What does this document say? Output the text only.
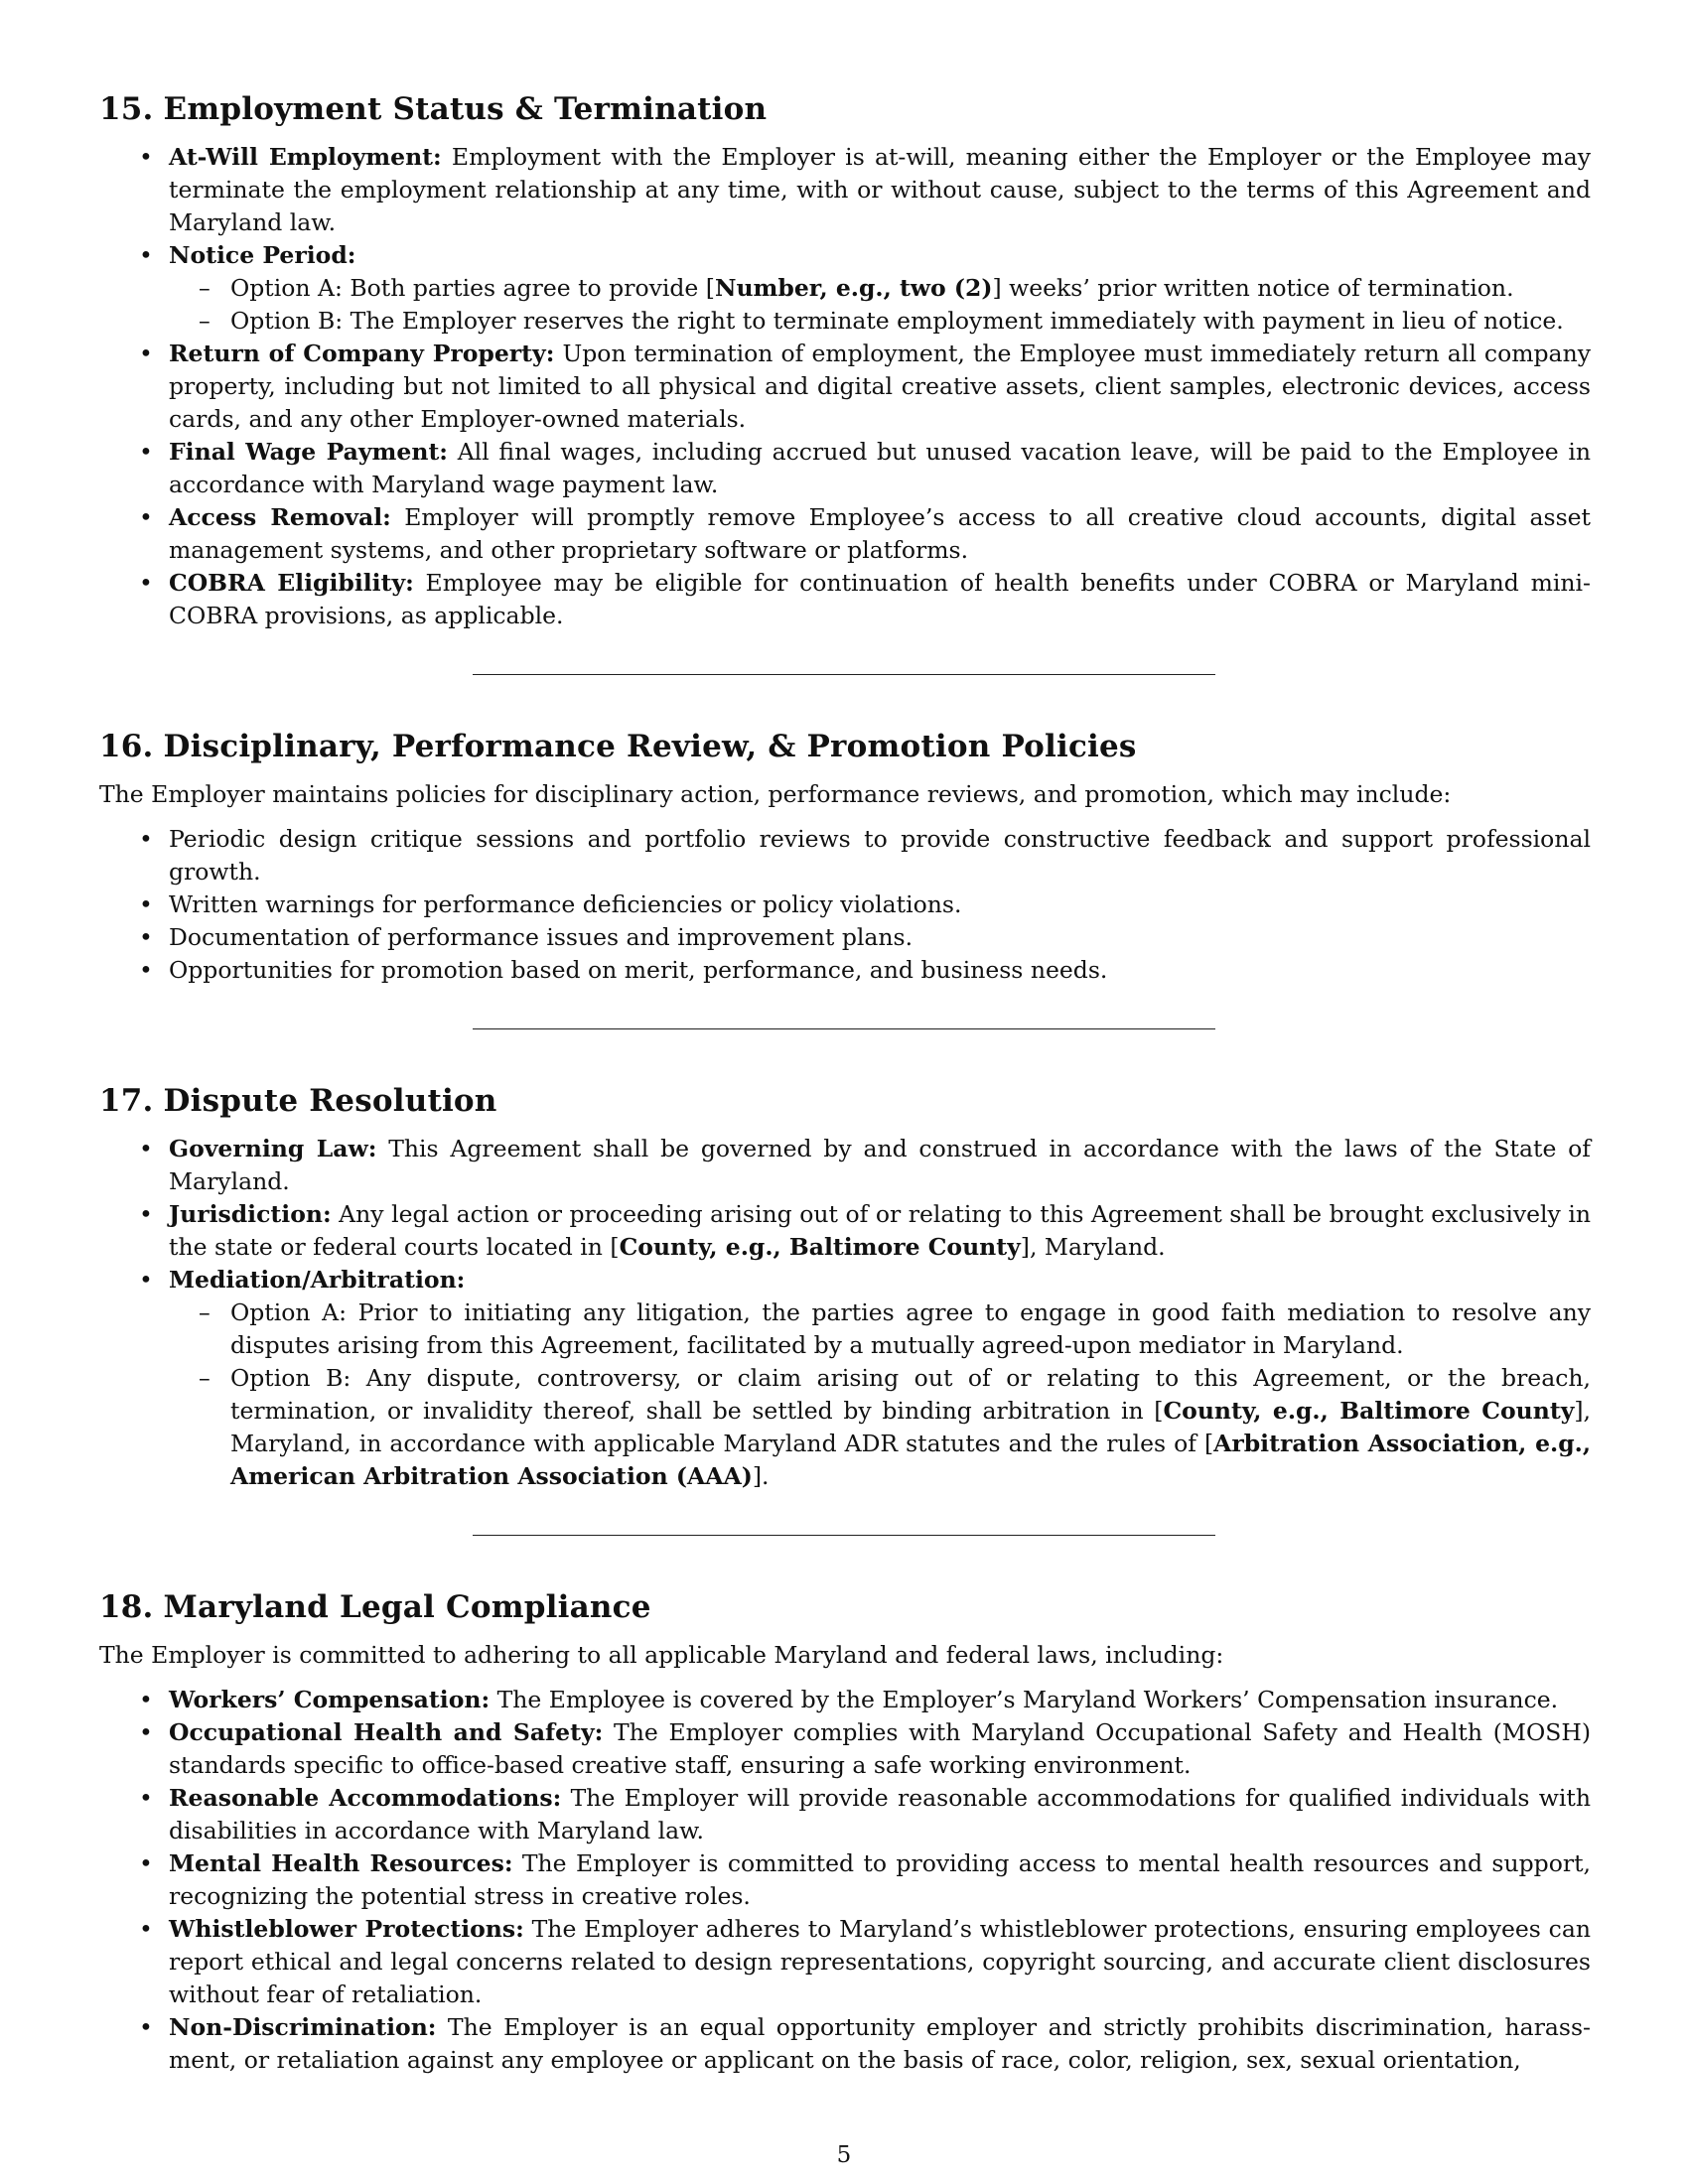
15. Employment Status & Termination
• At-Will Employment: Employment with the Employer is at-will, meaning either the Employer or the Employee may terminate the employment relationship at any time, with or without cause, subject to the terms of this Agreement and Maryland law.
• Notice Period:
– Option A: Both parties agree to provide [Number, e.g., two (2)] weeks’ prior written notice of termination.
– Option B: The Employer reserves the right to terminate employment immediately with payment in lieu of notice.
• Return of Company Property: Upon termination of employment, the Employee must immediately return all company property, including but not limited to all physical and digital creative assets, client samples, electronic devices, access cards, and any other Employer-owned materials.
• Final Wage Payment: All final wages, including accrued but unused vacation leave, will be paid to the Employee in accordance with Maryland wage payment law.
• Access Removal: Employer will promptly remove Employee’s access to all creative cloud accounts, digital asset management systems, and other proprietary software or platforms.
• COBRA Eligibility: Employee may be eligible for continuation of health benefits under COBRA or Maryland mini-COBRA provisions, as applicable.
16. Disciplinary, Performance Review, & Promotion Policies

The Employer maintains policies for disciplinary action, performance reviews, and promotion, which may include:

• Periodic design critique sessions and portfolio reviews to provide constructive feedback and support professional growth.
• Written warnings for performance deficiencies or policy violations.
• Documentation of performance issues and improvement plans.
• Opportunities for promotion based on merit, performance, and business needs.
17. Dispute Resolution
• Governing Law: This Agreement shall be governed by and construed in accordance with the laws of the State of Maryland.
• Jurisdiction: Any legal action or proceeding arising out of or relating to this Agreement shall be brought exclusively in the state or federal courts located in [County, e.g., Baltimore County], Maryland.
• Mediation/Arbitration:
– Option A: Prior to initiating any litigation, the parties agree to engage in good faith mediation to resolve any disputes arising from this Agreement, facilitated by a mutually agreed-upon mediator in Maryland.
– Option B: Any dispute, controversy, or claim arising out of or relating to this Agreement, or the breach, termination, or invalidity thereof, shall be settled by binding arbitration in [County, e.g., Baltimore County], Maryland, in accordance with applicable Maryland ADR statutes and the rules of [Arbitration Association, e.g., American Arbitration Association (AAA)].
18. Maryland Legal Compliance

The Employer is committed to adhering to all applicable Maryland and federal laws, including:

• Workers’ Compensation: The Employee is covered by the Employer’s Maryland Workers’ Compensation insurance.
• Occupational Health and Safety: The Employer complies with Maryland Occupational Safety and Health (MOSH) standards specific to office-based creative staff, ensuring a safe working environment.
• Reasonable Accommodations: The Employer will provide reasonable accommodations for qualified individuals with disabilities in accordance with Maryland law.
• Mental Health Resources: The Employer is committed to providing access to mental health resources and support, recognizing the potential stress in creative roles.
• Whistleblower Protections: The Employer adheres to Maryland’s whistleblower protections, ensuring employees can report ethical and legal concerns related to design representations, copyright sourcing, and accurate client disclosures without fear of retaliation.
• Non-Discrimination: The Employer is an equal opportunity employer and strictly prohibits discrimination, harass-ment, or retaliation against any employee or applicant on the basis of race, color, religion, sex, sexual orientation,
5
